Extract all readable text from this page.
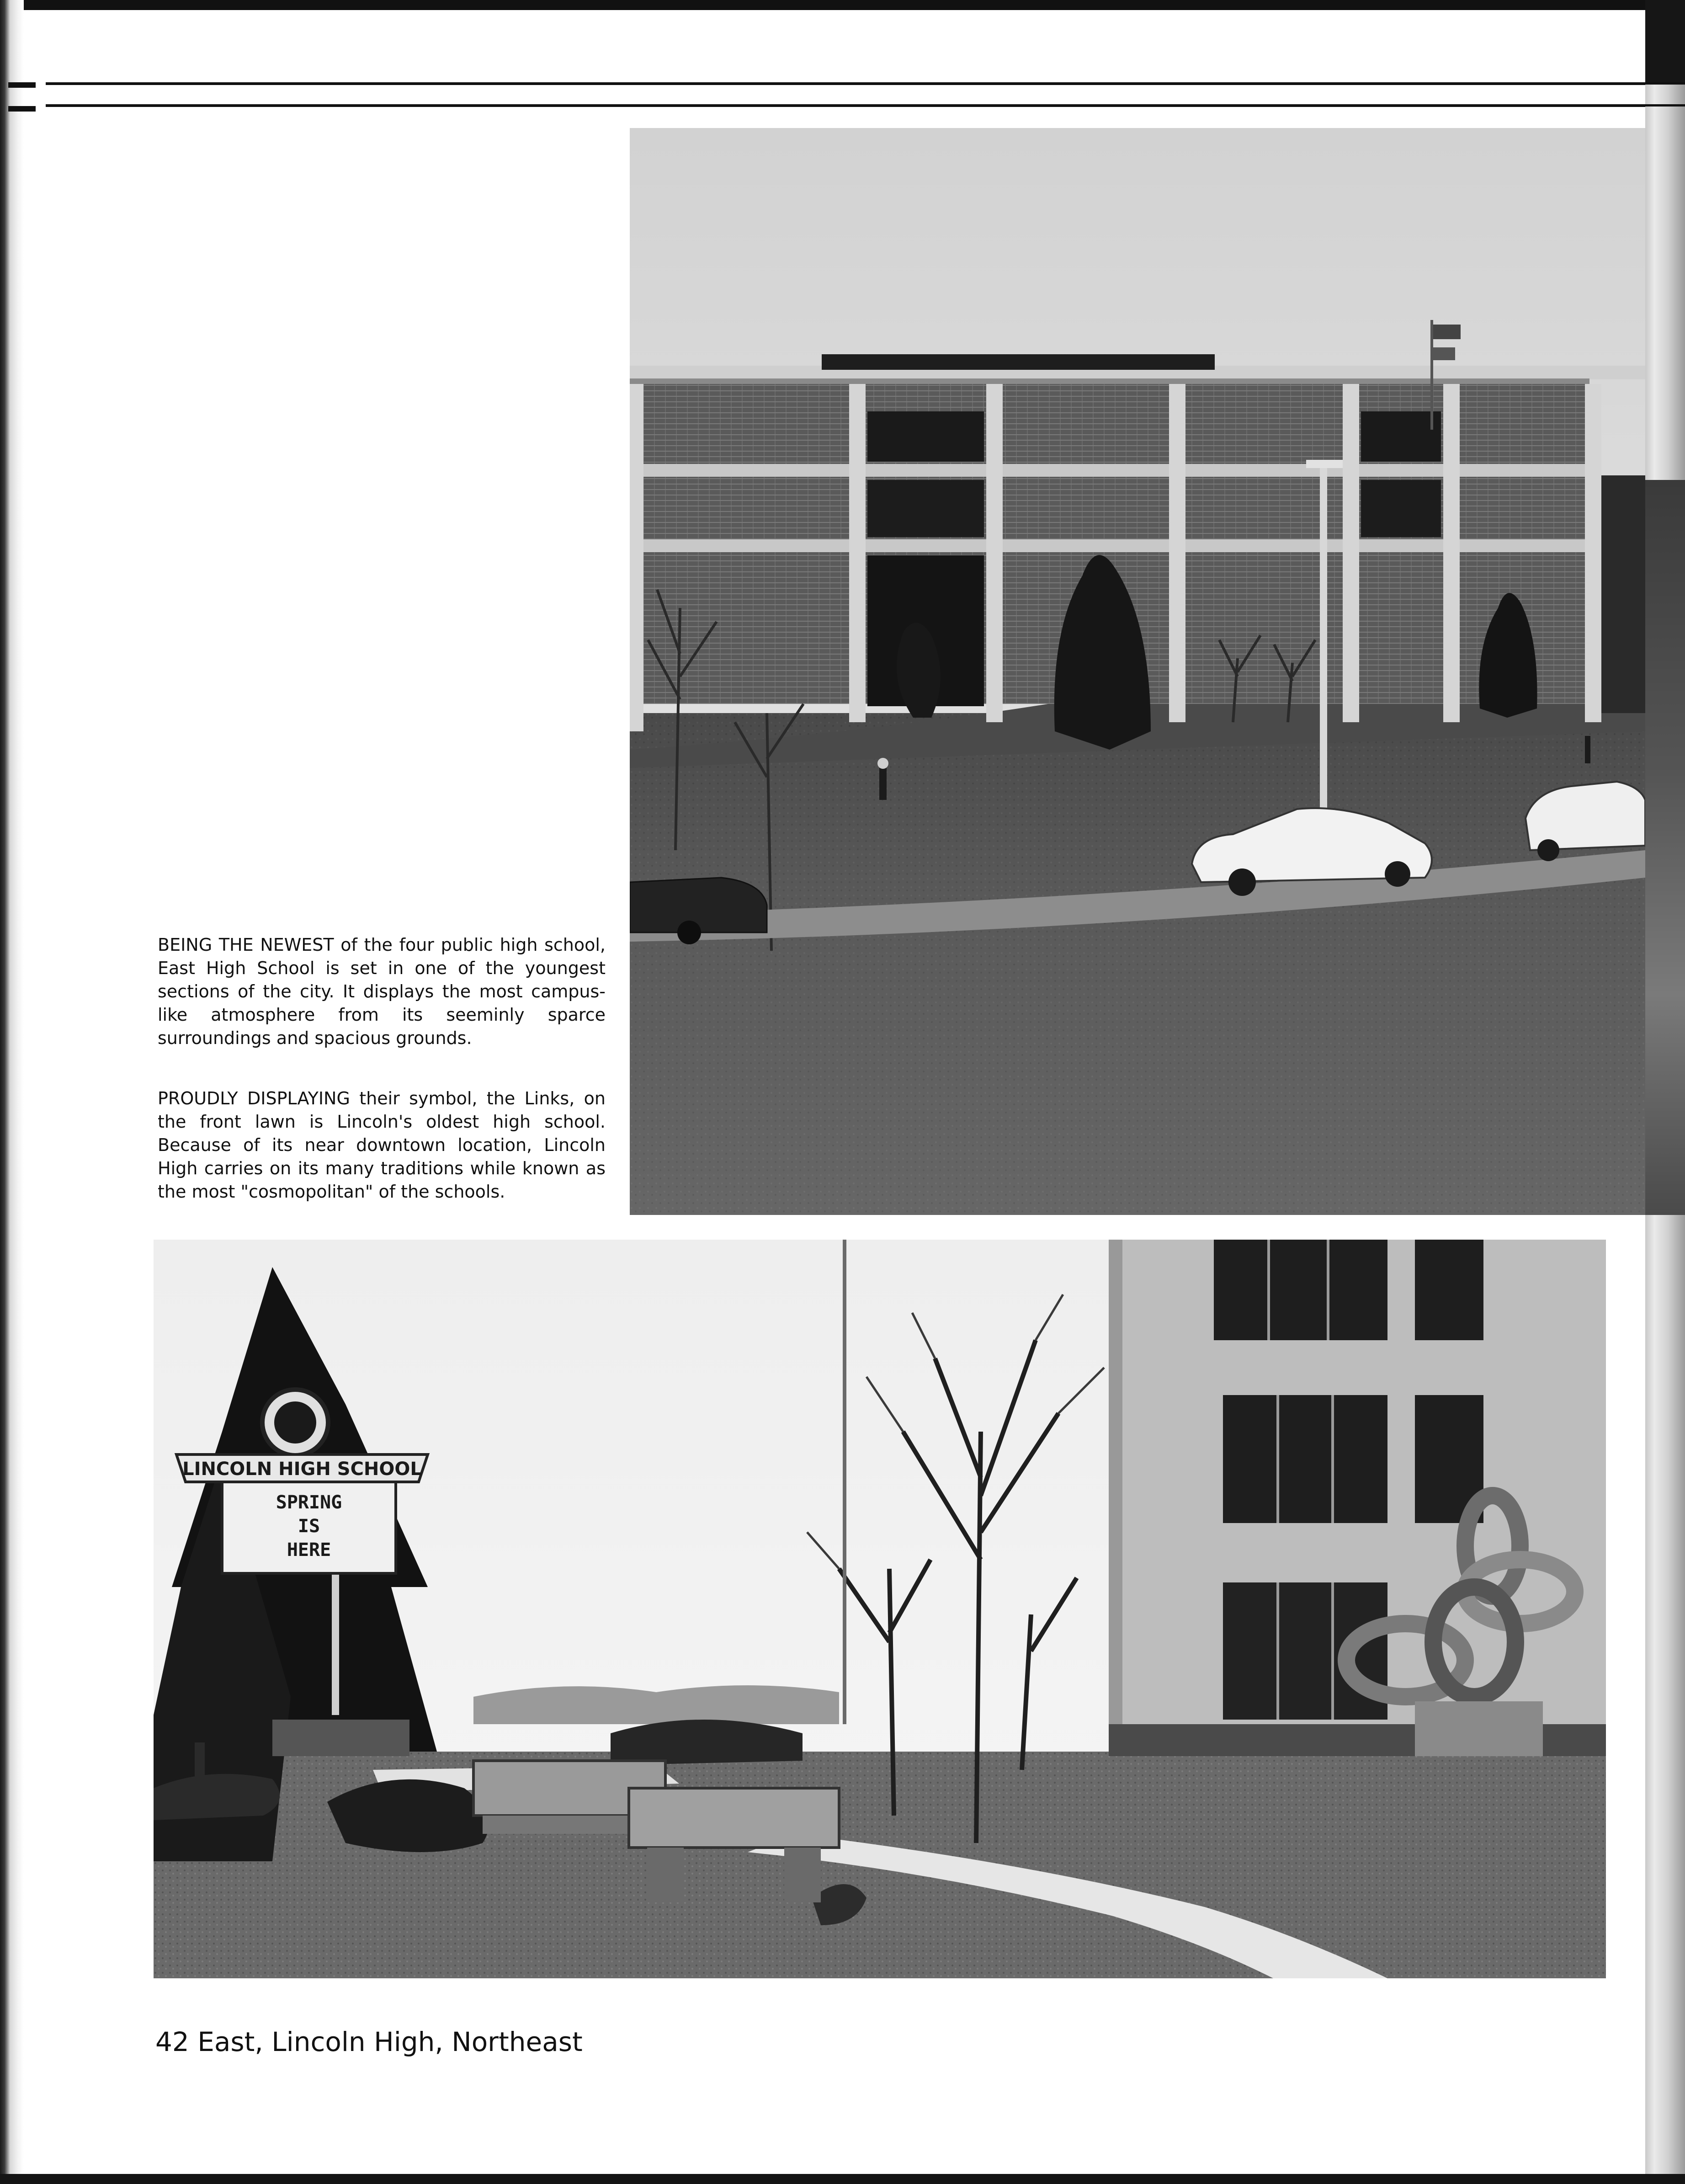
LINCOLN HIGH SCHOOL
SPRING
IS
HERE

BEING THE NEWEST of the four public high school, East High School is set in one of the youngest sections of the city. It displays the most campus-like atmosphere from its seeminly sparce surroundings and spacious grounds.

PROUDLY DISPLAYING their symbol, the Links, on the front lawn is Lincoln's oldest high school. Because of its near downtown location, Lincoln High carries on its many traditions while known as the most "cosmopolitan" of the schools.

42 East, Lincoln High, Northeast
